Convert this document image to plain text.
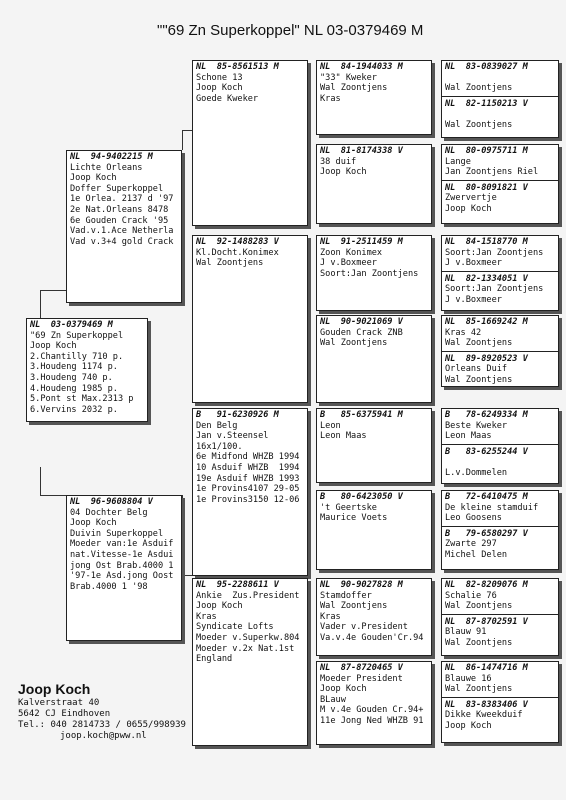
""69 Zn Superkoppel" NL 03-0379469 M
NL  03-0379469 M
"69 Zn Superkoppel
Joop Koch
2.Chantilly 710 p.
3.Houdeng 1174 p.
3.Houdeng 740 p.
4.Houdeng 1985 p.
5.Pont st Max.2313 p
6.Vervins 2032 p.
NL  94-9402215 M
Lichte Orleans
Joop Koch
Doffer Superkoppel
1e Orlea. 2137 d '97
2e Nat.Orleans 8478
6e Gouden Crack '95
Vad.v.1.Ace Netherla
Vad v.3+4 gold Crack
NL  96-9608804 V
04 Dochter Belg
Joop Koch
Duivin Superkoppel
Moeder van:1e Asduif
nat.Vitesse-1e Asdui
jong Ost Brab.4000 1
'97-1e Asd.jong Oost
Brab.4000 1 '98
NL  85-8561513 M
Schone 13
Joop Koch
Goede Kweker
NL  92-1488283 V
Kl.Docht.Konimex
Wal Zoontjens
B   91-6230926 M
Den Belg
Jan v.Steensel
16x1/100.
6e Midfond WHZB 1994
10 Asduif WHZB  1994
19e Asduif WHZB 1993
1e Provins4107 29-05
1e Provins3150 12-06
NL  95-2288611 V
Ankie  Zus.President
Joop Koch
Kras
Syndicate Lofts
Moeder v.Superkw.804
Moeder v.2x Nat.1st
England
NL  84-1944033 M
"33" Kweker
Wal Zoontjens
Kras
NL  81-8174338 V
38 duif
Joop Koch
NL  91-2511459 M
Zoon Konimex
J v.Boxmeer
Soort:Jan Zoontjens
NL  90-9021069 V
Gouden Crack ZNB
Wal Zoontjens
B   85-6375941 M
Leon
Leon Maas
B   80-6423050 V
't Geertske
Maurice Voets
NL  90-9027828 M
Stamdoffer
Wal Zoontjens
Kras
Vader v.President
Va.v.4e Gouden'Cr.94
NL  87-8720465 V
Moeder President
Joop Koch
BLauw
M v.4e Gouden Cr.94+
11e Jong Ned WHZB 91
NL  83-0839027 M
Wal Zoontjens
NL  82-1150213 V
Wal Zoontjens
NL  80-0975711 M
Lange
Jan Zoontjens Riel
NL  80-8091821 V
Zwervertje
Joop Koch
NL  84-1518770 M
Soort:Jan Zoontjens
J v.Boxmeer
NL  82-1334051 V
Soort:Jan Zoontjens
J v.Boxmeer
NL  85-1669242 M
Kras 42
Wal Zoontjens
NL  89-8920523 V
Orleans Duif
Wal Zoontjens
B   78-6249334 M
Beste Kweker
Leon Maas
B   83-6255244 V
L.v.Dommelen
B   72-6410475 M
De kleine stamduif
Leo Goosens
B   79-6580297 V
Zwarte 297
Michel Delen
NL  82-8209076 M
Schalie 76
Wal Zoontjens
NL  87-8702591 V
Blauw 91
Wal Zoontjens
NL  86-1474716 M
Blauwe 16
Wal Zoontjens
NL  83-8383406 V
Dikke Kweekduif
Joop Koch
Joop Koch
Kalverstraat 40
5642 CJ Eindhoven
Tel.: 040 2814733 / 0655/998939
joop.koch@pww.nl
